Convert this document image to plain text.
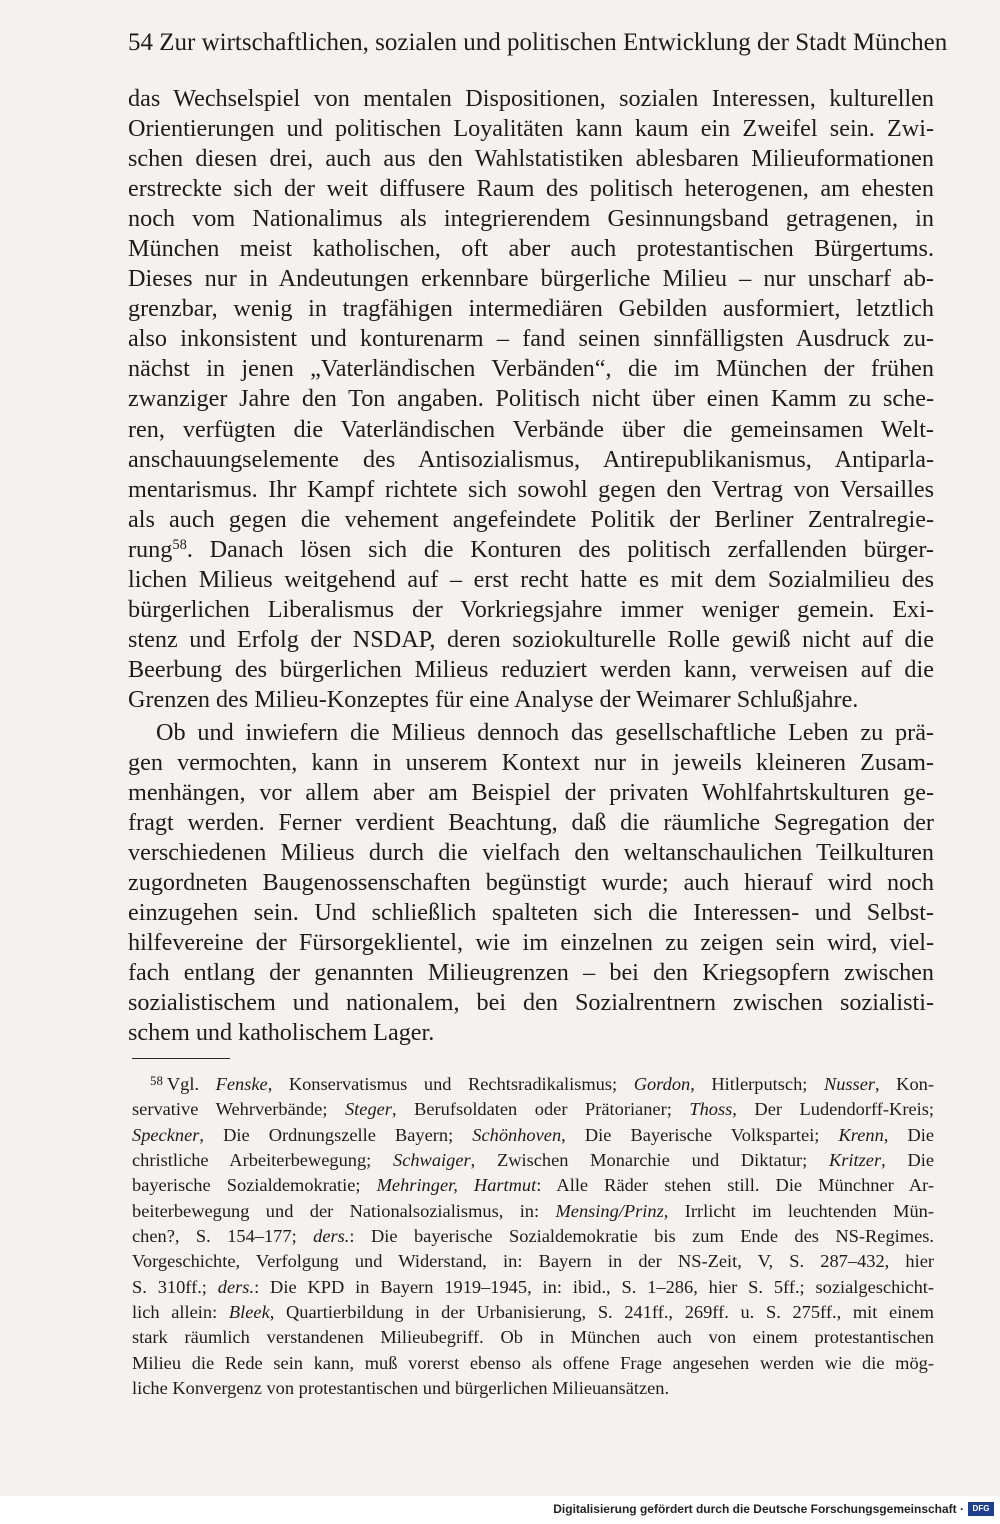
54 Zur wirtschaftlichen, sozialen und politischen Entwicklung der Stadt München
das Wechselspiel von mentalen Dispositionen, sozialen Interessen, kulturellen
Orientierungen und politischen Loyalitäten kann kaum ein Zweifel sein. Zwi-
schen diesen drei, auch aus den Wahlstatistiken ablesbaren Milieuformationen
erstreckte sich der weit diffusere Raum des politisch heterogenen, am ehesten
noch vom Nationalimus als integrierendem Gesinnungsband getragenen, in
München meist katholischen, oft aber auch protestantischen Bürgertums.
Dieses nur in Andeutungen erkennbare bürgerliche Milieu – nur unscharf ab-
grenzbar, wenig in tragfähigen intermediären Gebilden ausformiert, letztlich
also inkonsistent und konturenarm – fand seinen sinnfälligsten Ausdruck zu-
nächst in jenen „Vaterländischen Verbänden“, die im München der frühen
zwanziger Jahre den Ton angaben. Politisch nicht über einen Kamm zu sche-
ren, verfügten die Vaterländischen Verbände über die gemeinsamen Welt-
anschauungselemente des Antisozialismus, Antirepublikanismus, Antiparla-
mentarismus. Ihr Kampf richtete sich sowohl gegen den Vertrag von Versailles
als auch gegen die vehement angefeindete Politik der Berliner Zentralregie-
rung$^{58}$. Danach lösen sich die Konturen des politisch zerfallenden bürger-
lichen Milieus weitgehend auf – erst recht hatte es mit dem Sozialmilieu des
bürgerlichen Liberalismus der Vorkriegsjahre immer weniger gemein. Exi-
stenz und Erfolg der NSDAP, deren soziokulturelle Rolle gewiß nicht auf die
Beerbung des bürgerlichen Milieus reduziert werden kann, verweisen auf die
Grenzen des Milieu-Konzeptes für eine Analyse der Weimarer Schlußjahre.
Ob und inwiefern die Milieus dennoch das gesellschaftliche Leben zu prä-
gen vermochten, kann in unserem Kontext nur in jeweils kleineren Zusam-
menhängen, vor allem aber am Beispiel der privaten Wohlfahrtskulturen ge-
fragt werden. Ferner verdient Beachtung, daß die räumliche Segregation der
verschiedenen Milieus durch die vielfach den weltanschaulichen Teilkulturen
zugordneten Baugenossenschaften begünstigt wurde; auch hierauf wird noch
einzugehen sein. Und schließlich spalteten sich die Interessen- und Selbst-
hilfevereine der Fürsorgeklientel, wie im einzelnen zu zeigen sein wird, viel-
fach entlang der genannten Milieugrenzen – bei den Kriegsopfern zwischen
sozialistischem und nationalem, bei den Sozialrentnern zwischen sozialisti-
schem und katholischem Lager.
$^{58}$ Vgl. Fenske, Konservatismus und Rechtsradikalismus; Gordon, Hitlerputsch; Nusser, Kon-
servative Wehrverbände; Steger, Berufsoldaten oder Prätorianer; Thoss, Der Ludendorff-Kreis;
Speckner, Die Ordnungszelle Bayern; Schönhoven, Die Bayerische Volkspartei; Krenn, Die
christliche Arbeiterbewegung; Schwaiger, Zwischen Monarchie und Diktatur; Kritzer, Die
bayerische Sozialdemokratie; Mehringer, Hartmut: Alle Räder stehen still. Die Münchner Ar-
beiterbewegung und der Nationalsozialismus, in: Mensing/Prinz, Irrlicht im leuchtenden Mün-
chen?, S. 154–177; ders.: Die bayerische Sozialdemokratie bis zum Ende des NS-Regimes.
Vorgeschichte, Verfolgung und Widerstand, in: Bayern in der NS-Zeit, V, S. 287–432, hier
S. 310ff.; ders.: Die KPD in Bayern 1919–1945, in: ibid., S. 1–286, hier S. 5ff.; sozialgeschicht-
lich allein: Bleek, Quartierbildung in der Urbanisierung, S. 241ff., 269ff. u. S. 275ff., mit einem
stark räumlich verstandenen Milieubegriff. Ob in München auch von einem protestantischen
Milieu die Rede sein kann, muß vorerst ebenso als offene Frage angesehen werden wie die mög-
liche Konvergenz von protestantischen und bürgerlichen Milieuansätzen.
Digitalisierung gefördert durch die Deutsche Forschungsgemeinschaft ·	DFG
